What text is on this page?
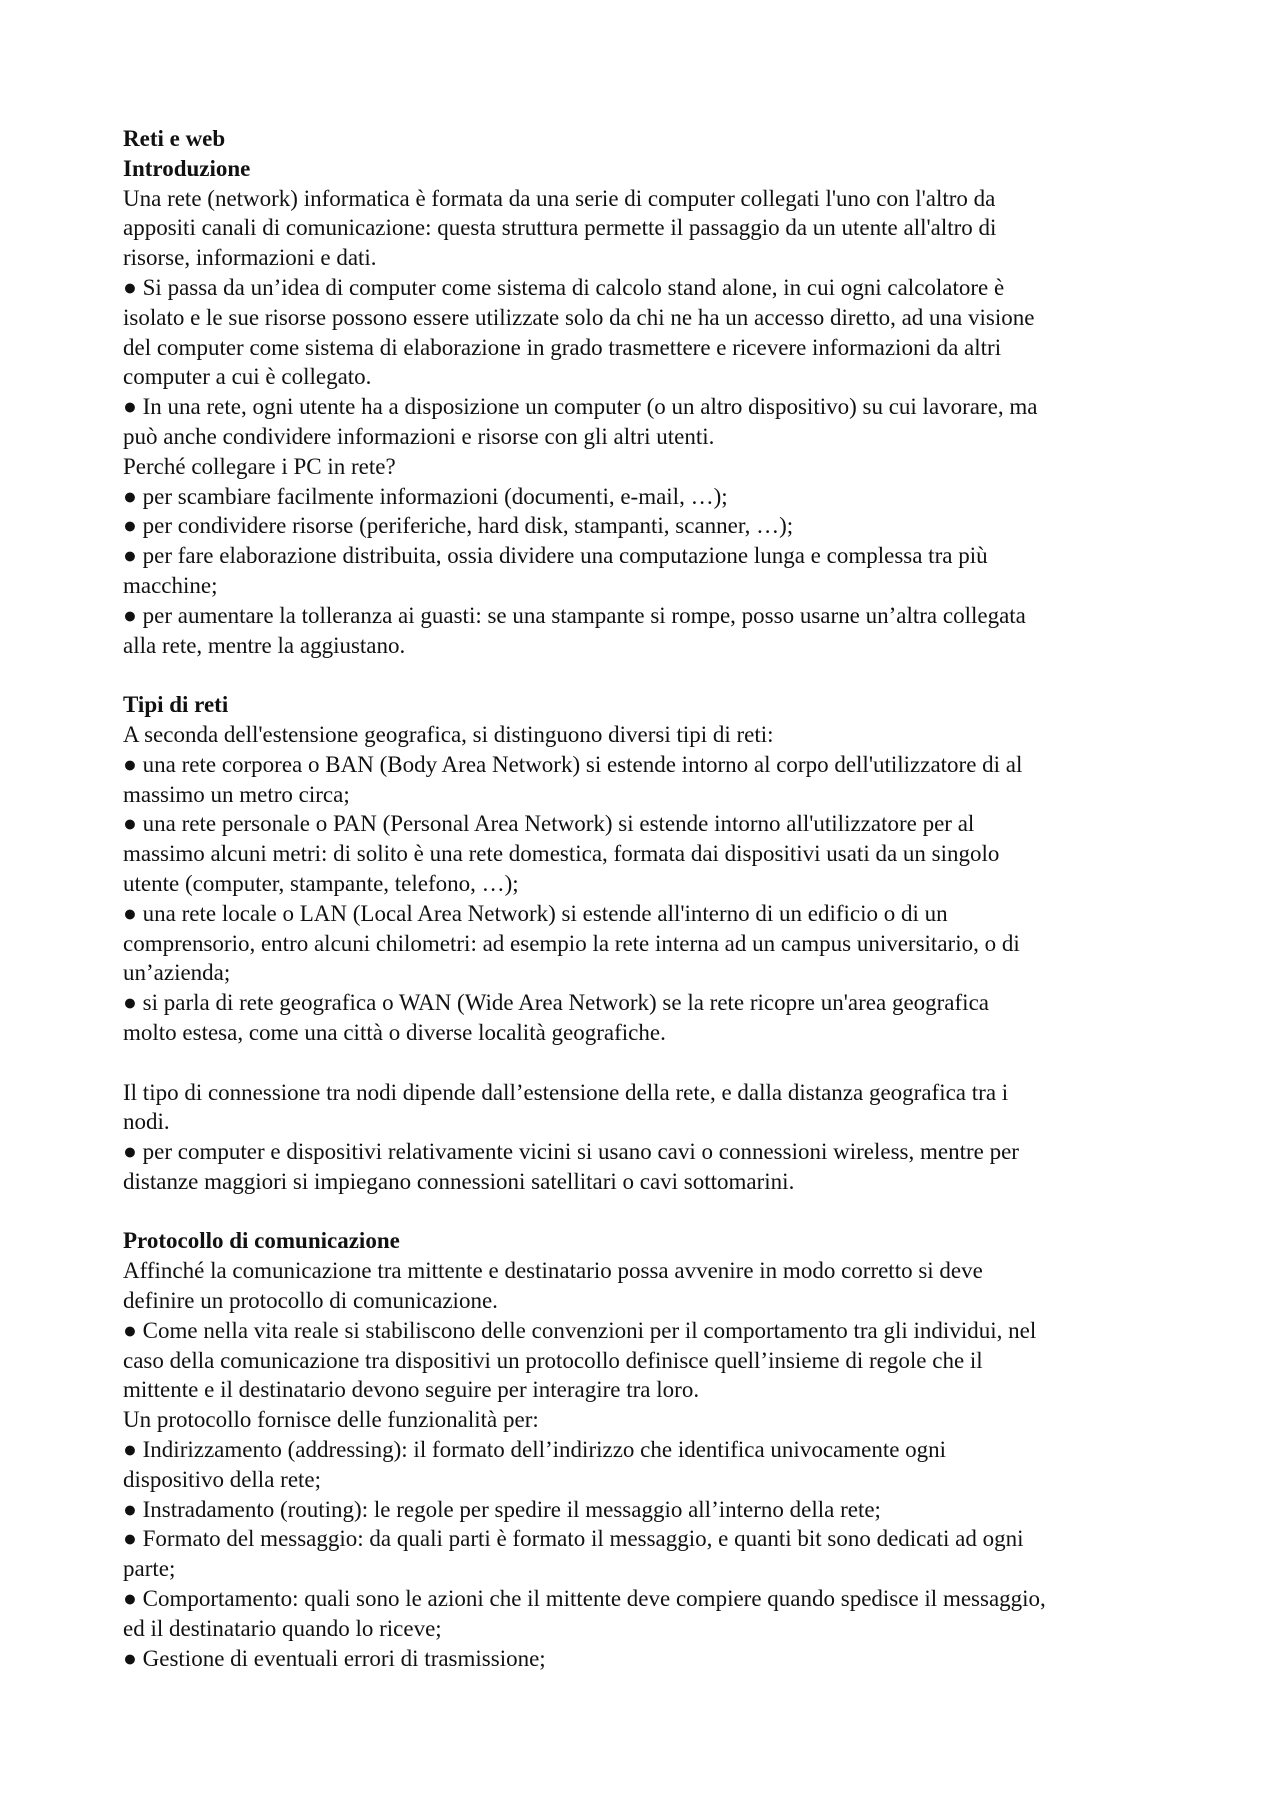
Reti e web
Introduzione
Una rete (network) informatica è formata da una serie di computer collegati l'uno con l'altro da
appositi canali di comunicazione: questa struttura permette il passaggio da un utente all'altro di
risorse, informazioni e dati.
● Si passa da un’idea di computer come sistema di calcolo stand alone, in cui ogni calcolatore è
isolato e le sue risorse possono essere utilizzate solo da chi ne ha un accesso diretto, ad una visione
del computer come sistema di elaborazione in grado trasmettere e ricevere informazioni da altri
computer a cui è collegato.
● In una rete, ogni utente ha a disposizione un computer (o un altro dispositivo) su cui lavorare, ma
può anche condividere informazioni e risorse con gli altri utenti.
Perché collegare i PC in rete?
● per scambiare facilmente informazioni (documenti, e-mail, …);
● per condividere risorse (periferiche, hard disk, stampanti, scanner, …);
● per fare elaborazione distribuita, ossia dividere una computazione lunga e complessa tra più
macchine;
● per aumentare la tolleranza ai guasti: se una stampante si rompe, posso usarne un’altra collegata
alla rete, mentre la aggiustano.
Tipi di reti
A seconda dell'estensione geografica, si distinguono diversi tipi di reti:
● una rete corporea o BAN (Body Area Network) si estende intorno al corpo dell'utilizzatore di al
massimo un metro circa;
● una rete personale o PAN (Personal Area Network) si estende intorno all'utilizzatore per al
massimo alcuni metri: di solito è una rete domestica, formata dai dispositivi usati da un singolo
utente (computer, stampante, telefono, …);
● una rete locale o LAN (Local Area Network) si estende all'interno di un edificio o di un
comprensorio, entro alcuni chilometri: ad esempio la rete interna ad un campus universitario, o di
un’azienda;
● si parla di rete geografica o WAN (Wide Area Network) se la rete ricopre un'area geografica
molto estesa, come una città o diverse località geografiche.
Il tipo di connessione tra nodi dipende dall’estensione della rete, e dalla distanza geografica tra i
nodi.
● per computer e dispositivi relativamente vicini si usano cavi o connessioni wireless, mentre per
distanze maggiori si impiegano connessioni satellitari o cavi sottomarini.
Protocollo di comunicazione
Affinché la comunicazione tra mittente e destinatario possa avvenire in modo corretto si deve
definire un protocollo di comunicazione.
● Come nella vita reale si stabiliscono delle convenzioni per il comportamento tra gli individui, nel
caso della comunicazione tra dispositivi un protocollo definisce quell’insieme di regole che il
mittente e il destinatario devono seguire per interagire tra loro.
Un protocollo fornisce delle funzionalità per:
● Indirizzamento (addressing): il formato dell’indirizzo che identifica univocamente ogni
dispositivo della rete;
● Instradamento (routing): le regole per spedire il messaggio all’interno della rete;
● Formato del messaggio: da quali parti è formato il messaggio, e quanti bit sono dedicati ad ogni
parte;
● Comportamento: quali sono le azioni che il mittente deve compiere quando spedisce il messaggio,
ed il destinatario quando lo riceve;
● Gestione di eventuali errori di trasmissione;
